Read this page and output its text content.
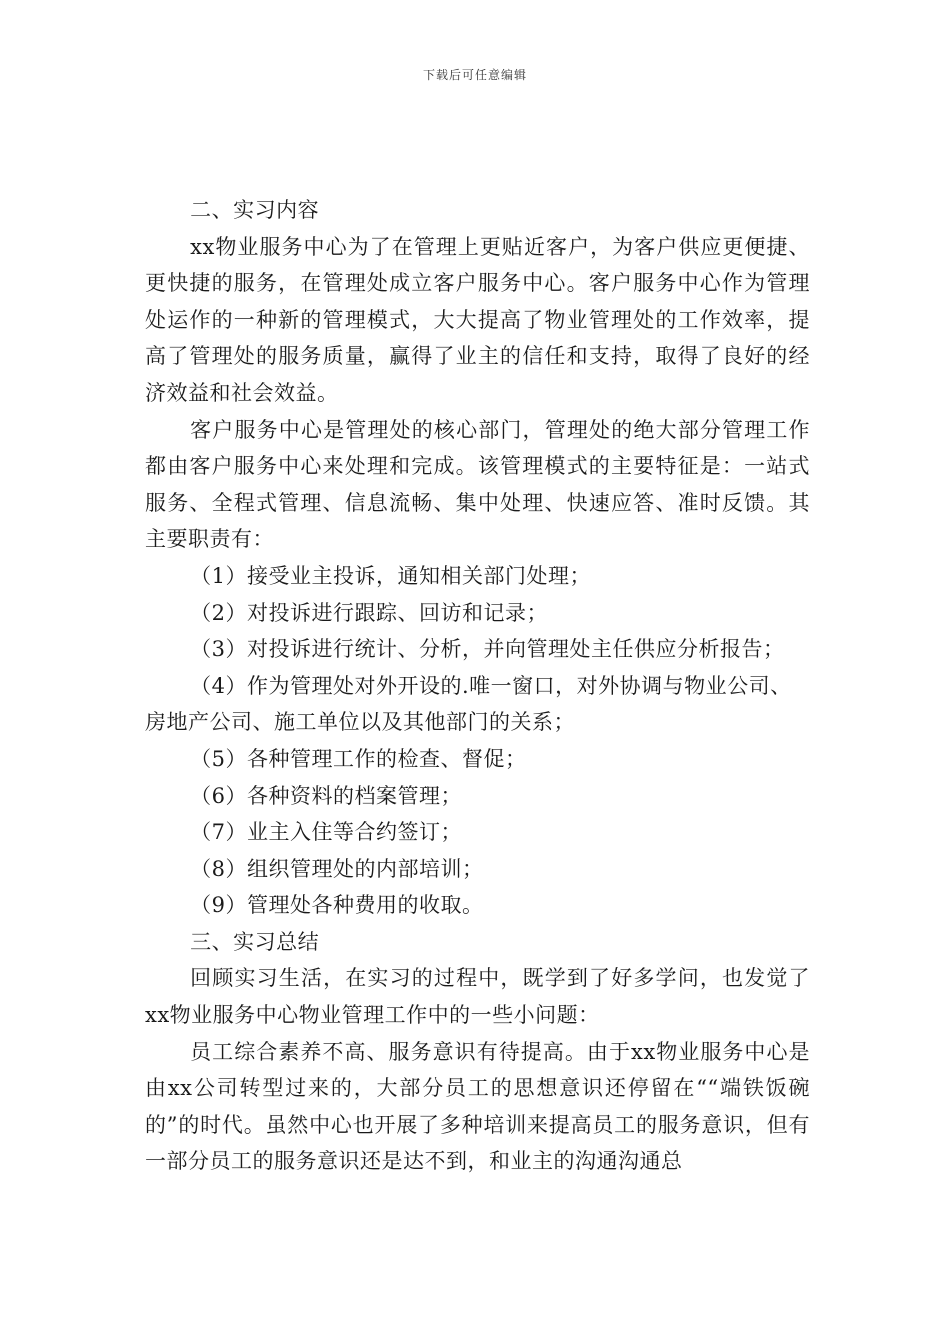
下载后可任意编辑

二、实习内容

xx物业服务中心为了在管理上更贴近客户，为客户供应更便捷、更快捷的服务，在管理处成立客户服务中心。客户服务中心作为管理处运作的一种新的管理模式，大大提高了物业管理处的工作效率，提高了管理处的服务质量，赢得了业主的信任和支持，取得了良好的经济效益和社会效益。

客户服务中心是管理处的核心部门，管理处的绝大部分管理工作都由客户服务中心来处理和完成。该管理模式的主要特征是：一站式服务、全程式管理、信息流畅、集中处理、快速应答、准时反馈。其主要职责有：

（1）接受业主投诉，通知相关部门处理；

（2）对投诉进行跟踪、回访和记录；

（3）对投诉进行统计、分析，并向管理处主任供应分析报告；

（4）作为管理处对外开设的.唯一窗口，对外协调与物业公司、房地产公司、施工单位以及其他部门的关系；

（5）各种管理工作的检查、督促；

（6）各种资料的档案管理；

（7）业主入住等合约签订；

（8）组织管理处的内部培训；

（9）管理处各种费用的收取。

三、实习总结

回顾实习生活，在实习的过程中，既学到了好多学问，也发觉了xx物业服务中心物业管理工作中的一些小问题：

员工综合素养不高、服务意识有待提高。由于xx物业服务中心是由xx公司转型过来的，大部分员工的思想意识还停留在““端铁饭碗的”的时代。虽然中心也开展了多种培训来提高员工的服务意识，但有一部分员工的服务意识还是达不到，和业主的沟通沟通总
